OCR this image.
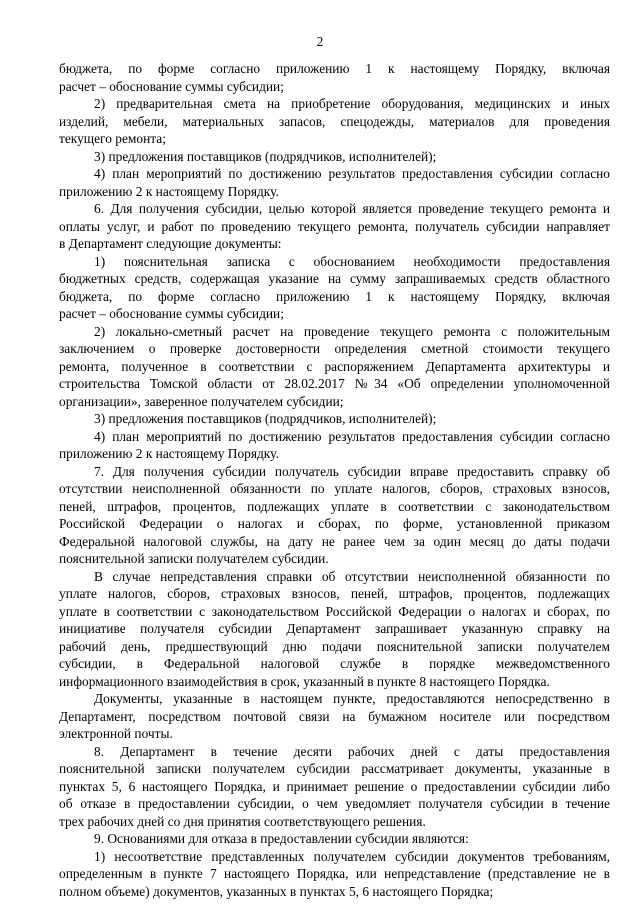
2
бюджета, по форме согласно приложению 1 к настоящему Порядку, включая
расчет – обоснование суммы субсидии;
2) предварительная смета на приобретение оборудования, медицинских и иных
изделий, мебели, материальных запасов, спецодежды, материалов для проведения
текущего ремонта;
3) предложения поставщиков (подрядчиков, исполнителей);
4) план мероприятий по достижению результатов предоставления субсидии согласно
приложению 2 к настоящему Порядку.
6. Для получения субсидии, целью которой является проведение текущего ремонта и
оплаты услуг, и работ по проведению текущего ремонта, получатель субсидии направляет
в Департамент следующие документы:
1) пояснительная записка с обоснованием необходимости предоставления
бюджетных средств, содержащая указание на сумму запрашиваемых средств областного
бюджета, по форме согласно приложению 1 к настоящему Порядку, включая
расчет – обоснование суммы субсидии;
2) локально-сметный расчет на проведение текущего ремонта с положительным
заключением о проверке достоверности определения сметной стоимости текущего
ремонта, полученное в соответствии с распоряжением Департамента архитектуры и
строительства Томской области от 28.02.2017 №34 «Об определении уполномоченной
организации», заверенное получателем субсидии;
3) предложения поставщиков (подрядчиков, исполнителей);
4) план мероприятий по достижению результатов предоставления субсидии согласно
приложению 2 к настоящему Порядку.
7. Для получения субсидии получатель субсидии вправе предоставить справку об
отсутствии неисполненной обязанности по уплате налогов, сборов, страховых взносов,
пеней, штрафов, процентов, подлежащих уплате в соответствии с законодательством
Российской Федерации о налогах и сборах, по форме, установленной приказом
Федеральной налоговой службы, на дату не ранее чем за один месяц до даты подачи
пояснительной записки получателем субсидии.
В случае непредставления справки об отсутствии неисполненной обязанности по
уплате налогов, сборов, страховых взносов, пеней, штрафов, процентов, подлежащих
уплате в соответствии с законодательством Российской Федерации о налогах и сборах, по
инициативе получателя субсидии Департамент запрашивает указанную справку на
рабочий день, предшествующий дню подачи пояснительной записки получателем
субсидии, в Федеральной налоговой службе в порядке межведомственного
информационного взаимодействия в срок, указанный в пункте 8 настоящего Порядка.
Документы, указанные в настоящем пункте, предоставляются непосредственно в
Департамент, посредством почтовой связи на бумажном носителе или посредством
электронной почты.
8. Департамент в течение десяти рабочих дней с даты предоставления
пояснительной записки получателем субсидии рассматривает документы, указанные в
пунктах 5, 6 настоящего Порядка, и принимает решение о предоставлении субсидии либо
об отказе в предоставлении субсидии, о чем уведомляет получателя субсидии в течение
трех рабочих дней со дня принятия соответствующего решения.
9. Основаниями для отказа в предоставлении субсидии являются:
1) несоответствие представленных получателем субсидии документов требованиям,
определенным в пункте 7 настоящего Порядка, или непредставление (представление не в
полном объеме) документов, указанных в пунктах 5, 6 настоящего Порядка;
